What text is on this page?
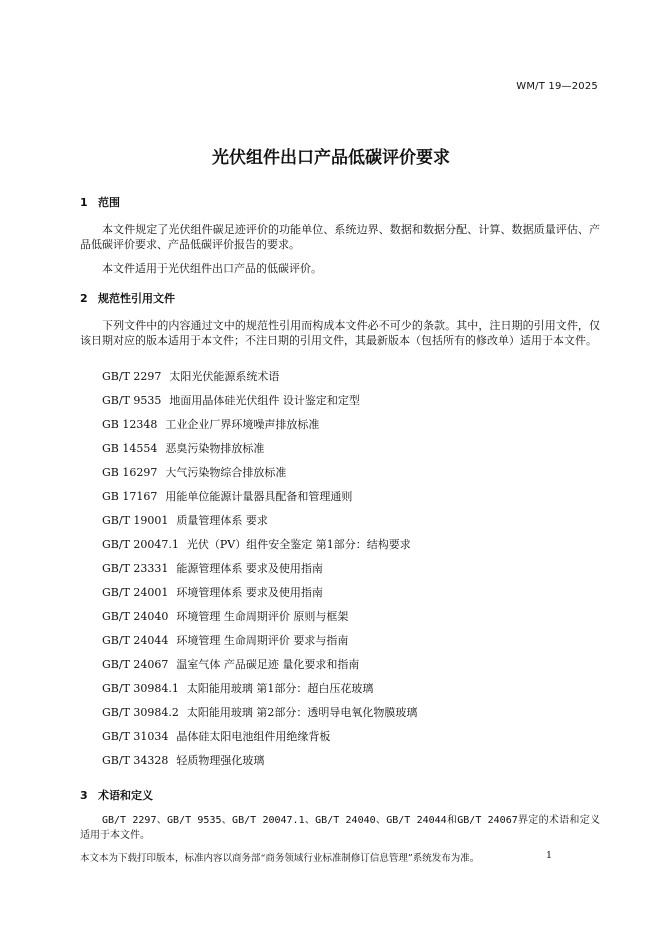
WM/T 19—2025
光伏组件出口产品低碳评价要求
1 范围

本文件规定了光伏组件碳足迹评价的功能单位、系统边界、数据和数据分配、计算、数据质量评估、产品低碳评价要求、产品低碳评价报告的要求。

本文件适用于光伏组件出口产品的低碳评价。

2 规范性引用文件

下列文件中的内容通过文中的规范性引用而构成本文件必不可少的条款。其中，注日期的引用文件，仅该日期对应的版本适用于本文件；不注日期的引用文件，其最新版本（包括所有的修改单）适用于本文件。

GB/T 2297 太阳光伏能源系统术语
GB/T 9535 地面用晶体硅光伏组件 设计鉴定和定型
GB 12348 工业企业厂界环境噪声排放标准
GB 14554 恶臭污染物排放标准
GB 16297 大气污染物综合排放标准
GB 17167 用能单位能源计量器具配备和管理通则
GB/T 19001 质量管理体系 要求
GB/T 20047.1 光伏（PV）组件安全鉴定 第1部分：结构要求
GB/T 23331 能源管理体系 要求及使用指南
GB/T 24001 环境管理体系 要求及使用指南
GB/T 24040 环境管理 生命周期评价 原则与框架
GB/T 24044 环境管理 生命周期评价 要求与指南
GB/T 24067 温室气体 产品碳足迹 量化要求和指南
GB/T 30984.1 太阳能用玻璃 第1部分：超白压花玻璃
GB/T 30984.2 太阳能用玻璃 第2部分：透明导电氧化物膜玻璃
GB/T 31034 晶体硅太阳电池组件用绝缘背板
GB/T 34328 轻质物理强化玻璃
3 术语和定义

GB/T 2297、GB/T 9535、GB/T 20047.1、GB/T 24040、GB/T 24044和GB/T 24067界定的术语和定义适用于本文件。

本文本为下载打印版本，标准内容以商务部“商务领域行业标准制修订信息管理”系统发布为准。	1
